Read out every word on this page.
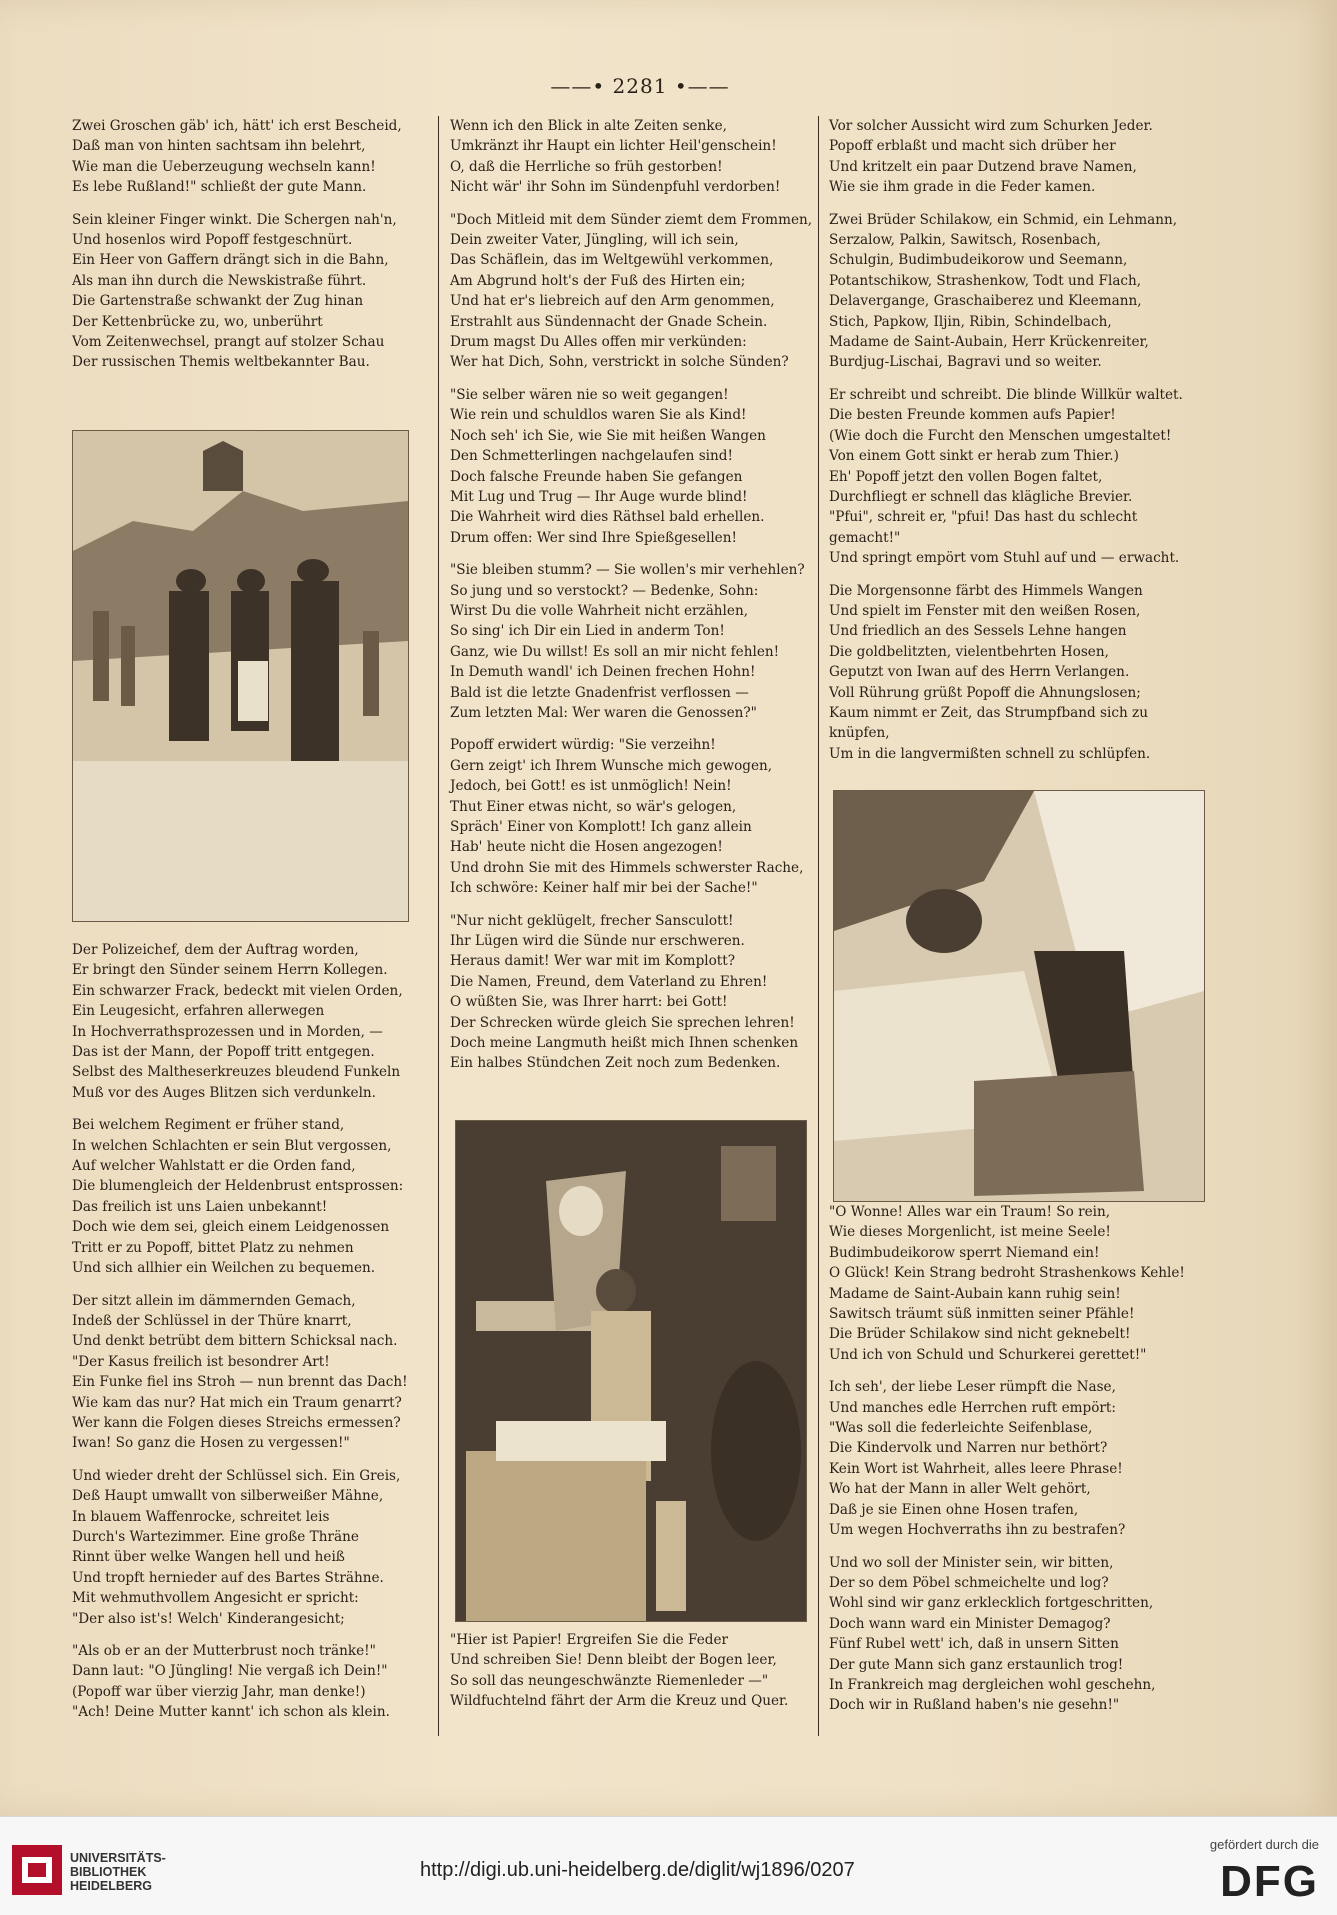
——• 2281 •——

Zwei Groschen gäb' ich, hätt' ich erst Bescheid,
Daß man von hinten sachtsam ihn belehrt,
Wie man die Ueberzeugung wechseln kann!
Es lebe Rußland!" schließt der gute Mann.

Sein kleiner Finger winkt. Die Schergen nah'n,
Und hosenlos wird Popoff festgeschnürt.
Ein Heer von Gaffern drängt sich in die Bahn,
Als man ihn durch die Newskistraße führt.
Die Gartenstraße schwankt der Zug hinan
Der Kettenbrücke zu, wo, unberührt
Vom Zeitenwechsel, prangt auf stolzer Schau
Der russischen Themis weltbekannter Bau.

Der Polizeichef, dem der Auftrag worden,
Er bringt den Sünder seinem Herrn Kollegen.
Ein schwarzer Frack, bedeckt mit vielen Orden,
Ein Leugesicht, erfahren allerwegen
In Hochverrathsprozessen und in Morden, —
Das ist der Mann, der Popoff tritt entgegen.
Selbst des Maltheserkreuzes bleudend Funkeln
Muß vor des Auges Blitzen sich verdunkeln.

Bei welchem Regiment er früher stand,
In welchen Schlachten er sein Blut vergossen,
Auf welcher Wahlstatt er die Orden fand,
Die blumengleich der Heldenbrust entsprossen:
Das freilich ist uns Laien unbekannt!
Doch wie dem sei, gleich einem Leidgenossen
Tritt er zu Popoff, bittet Platz zu nehmen
Und sich allhier ein Weilchen zu bequemen.

Der sitzt allein im dämmernden Gemach,
Indeß der Schlüssel in der Thüre knarrt,
Und denkt betrübt dem bittern Schicksal nach.
"Der Kasus freilich ist besondrer Art!
Ein Funke fiel ins Stroh — nun brennt das Dach!
Wie kam das nur? Hat mich ein Traum genarrt?
Wer kann die Folgen dieses Streichs ermessen?
Iwan! So ganz die Hosen zu vergessen!"

Und wieder dreht der Schlüssel sich. Ein Greis,
Deß Haupt umwallt von silberweißer Mähne,
In blauem Waffenrocke, schreitet leis
Durch's Wartezimmer. Eine große Thräne
Rinnt über welke Wangen hell und heiß
Und tropft hernieder auf des Bartes Strähne.
Mit wehmuthvollem Angesicht er spricht:
"Der also ist's! Welch' Kinderangesicht;

"Als ob er an der Mutterbrust noch tränke!"
Dann laut: "O Jüngling! Nie vergaß ich Dein!"
(Popoff war über vierzig Jahr, man denke!)
"Ach! Deine Mutter kannt' ich schon als klein.

Wenn ich den Blick in alte Zeiten senke,
Umkränzt ihr Haupt ein lichter Heil'genschein!
O, daß die Herrliche so früh gestorben!
Nicht wär' ihr Sohn im Sündenpfuhl verdorben!

"Doch Mitleid mit dem Sünder ziemt dem Frommen,
Dein zweiter Vater, Jüngling, will ich sein,
Das Schäflein, das im Weltgewühl verkommen,
Am Abgrund holt's der Fuß des Hirten ein;
Und hat er's liebreich auf den Arm genommen,
Erstrahlt aus Sündennacht der Gnade Schein.
Drum magst Du Alles offen mir verkünden:
Wer hat Dich, Sohn, verstrickt in solche Sünden?

"Sie selber wären nie so weit gegangen!
Wie rein und schuldlos waren Sie als Kind!
Noch seh' ich Sie, wie Sie mit heißen Wangen
Den Schmetterlingen nachgelaufen sind!
Doch falsche Freunde haben Sie gefangen
Mit Lug und Trug — Ihr Auge wurde blind!
Die Wahrheit wird dies Räthsel bald erhellen.
Drum offen: Wer sind Ihre Spießgesellen!

"Sie bleiben stumm? — Sie wollen's mir verhehlen?
So jung und so verstockt? — Bedenke, Sohn:
Wirst Du die volle Wahrheit nicht erzählen,
So sing' ich Dir ein Lied in anderm Ton!
Ganz, wie Du willst! Es soll an mir nicht fehlen!
In Demuth wandl' ich Deinen frechen Hohn!
Bald ist die letzte Gnadenfrist verflossen —
Zum letzten Mal: Wer waren die Genossen?"

Popoff erwidert würdig: "Sie verzeihn!
Gern zeigt' ich Ihrem Wunsche mich gewogen,
Jedoch, bei Gott! es ist unmöglich! Nein!
Thut Einer etwas nicht, so wär's gelogen,
Spräch' Einer von Komplott! Ich ganz allein
Hab' heute nicht die Hosen angezogen!
Und drohn Sie mit des Himmels schwerster Rache,
Ich schwöre: Keiner half mir bei der Sache!"

"Nur nicht geklügelt, frecher Sansculott!
Ihr Lügen wird die Sünde nur erschweren.
Heraus damit! Wer war mit im Komplott?
Die Namen, Freund, dem Vaterland zu Ehren!
O wüßten Sie, was Ihrer harrt: bei Gott!
Der Schrecken würde gleich Sie sprechen lehren!
Doch meine Langmuth heißt mich Ihnen schenken
Ein halbes Stündchen Zeit noch zum Bedenken.

"Hier ist Papier! Ergreifen Sie die Feder
Und schreiben Sie! Denn bleibt der Bogen leer,
So soll das neungeschwänzte Riemenleder —"
Wildfuchtelnd fährt der Arm die Kreuz und Quer.

Vor solcher Aussicht wird zum Schurken Jeder.
Popoff erblaßt und macht sich drüber her
Und kritzelt ein paar Dutzend brave Namen,
Wie sie ihm grade in die Feder kamen.

Zwei Brüder Schilakow, ein Schmid, ein Lehmann,
Serzalow, Palkin, Sawitsch, Rosenbach,
Schulgin, Budimbudeikorow und Seemann,
Potantschikow, Strashenkow, Todt und Flach,
Delavergange, Graschaiberez und Kleemann,
Stich, Papkow, Iljin, Ribin, Schindelbach,
Madame de Saint-Aubain, Herr Krückenreiter,
Burdjug-Lischai, Bagravi und so weiter.

Er schreibt und schreibt. Die blinde Willkür waltet.
Die besten Freunde kommen aufs Papier!
(Wie doch die Furcht den Menschen umgestaltet!
Von einem Gott sinkt er herab zum Thier.)
Eh' Popoff jetzt den vollen Bogen faltet,
Durchfliegt er schnell das klägliche Brevier.
"Pfui", schreit er, "pfui! Das hast du schlecht
gemacht!"
Und springt empört vom Stuhl auf und — erwacht.

Die Morgensonne färbt des Himmels Wangen
Und spielt im Fenster mit den weißen Rosen,
Und friedlich an des Sessels Lehne hangen
Die goldbelitzten, vielentbehrten Hosen,
Geputzt von Iwan auf des Herrn Verlangen.
Voll Rührung grüßt Popoff die Ahnungslosen;
Kaum nimmt er Zeit, das Strumpfband sich zu
knüpfen,
Um in die langvermißten schnell zu schlüpfen.

"O Wonne! Alles war ein Traum! So rein,
Wie dieses Morgenlicht, ist meine Seele!
Budimbudeikorow sperrt Niemand ein!
O Glück! Kein Strang bedroht Strashenkows Kehle!
Madame de Saint-Aubain kann ruhig sein!
Sawitsch träumt süß inmitten seiner Pfähle!
Die Brüder Schilakow sind nicht geknebelt!
Und ich von Schuld und Schurkerei gerettet!"

Ich seh', der liebe Leser rümpft die Nase,
Und manches edle Herrchen ruft empört:
"Was soll die federleichte Seifenblase,
Die Kindervolk und Narren nur bethört?
Kein Wort ist Wahrheit, alles leere Phrase!
Wo hat der Mann in aller Welt gehört,
Daß je sie Einen ohne Hosen trafen,
Um wegen Hochverraths ihn zu bestrafen?

Und wo soll der Minister sein, wir bitten,
Der so dem Pöbel schmeichelte und log?
Wohl sind wir ganz erklecklich fortgeschritten,
Doch wann ward ein Minister Demagog?
Fünf Rubel wett' ich, daß in unsern Sitten
Der gute Mann sich ganz erstaunlich trog!
In Frankreich mag dergleichen wohl geschehn,
Doch wir in Rußland haben's nie gesehn!"

UNIVERSITÄTS-
BIBLIOTHEK
HEIDELBERG
http://digi.ub.uni-heidelberg.de/diglit/wj1896/0207
gefördert durch die
DFG
